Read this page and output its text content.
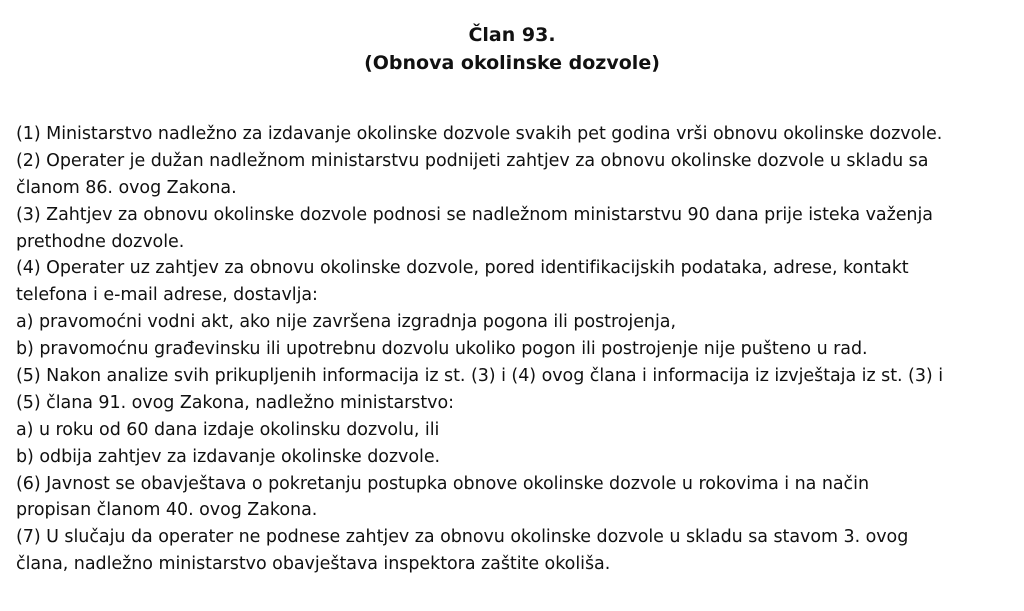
Član 93.
(Obnova okolinske dozvole)
(1) Ministarstvo nadležno za izdavanje okolinske dozvole svakih pet godina vrši obnovu okolinske dozvole.
(2) Operater je dužan nadležnom ministarstvu podnijeti zahtjev za obnovu okolinske dozvole u skladu sa
članom 86. ovog Zakona.
(3) Zahtjev za obnovu okolinske dozvole podnosi se nadležnom ministarstvu 90 dana prije isteka važenja
prethodne dozvole.
(4) Operater uz zahtjev za obnovu okolinske dozvole, pored identifikacijskih podataka, adrese, kontakt
telefona i e-mail adrese, dostavlja:
a) pravomoćni vodni akt, ako nije završena izgradnja pogona ili postrojenja,
b) pravomoćnu građevinsku ili upotrebnu dozvolu ukoliko pogon ili postrojenje nije pušteno u rad.
(5) Nakon analize svih prikupljenih informacija iz st. (3) i (4) ovog člana i informacija iz izvještaja iz st. (3) i
(5) člana 91. ovog Zakona, nadležno ministarstvo:
a) u roku od 60 dana izdaje okolinsku dozvolu, ili
b) odbija zahtjev za izdavanje okolinske dozvole.
(6) Javnost se obavještava o pokretanju postupka obnove okolinske dozvole u rokovima i na način
propisan članom 40. ovog Zakona.
(7) U slučaju da operater ne podnese zahtjev za obnovu okolinske dozvole u skladu sa stavom 3. ovog
člana, nadležno ministarstvo obavještava inspektora zaštite okoliša.
